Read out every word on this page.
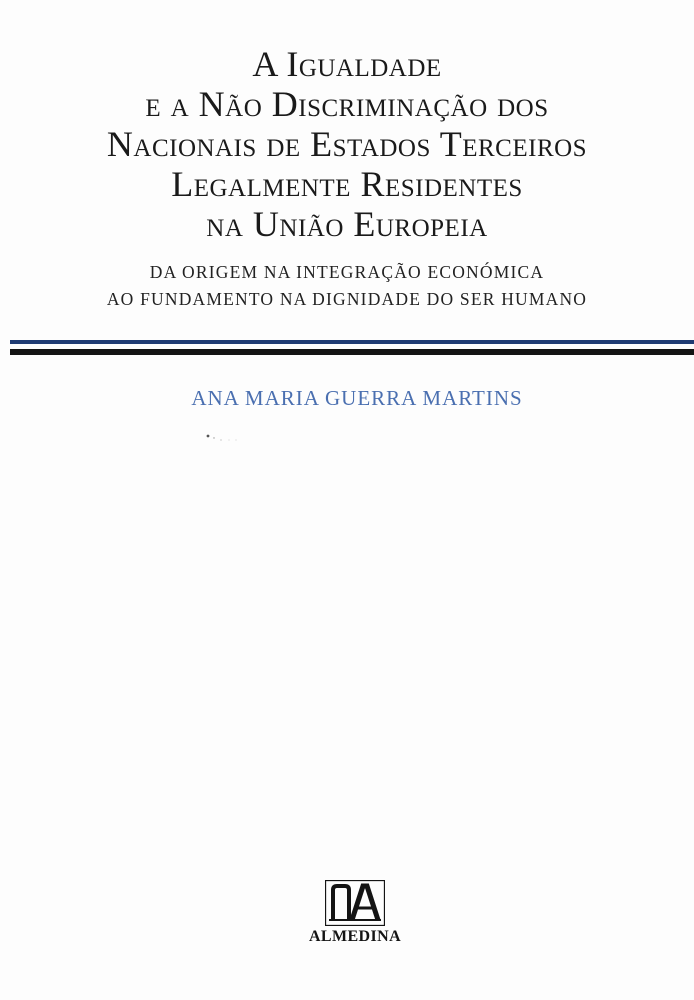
A Igualdade
e a Não Discriminação dos
Nacionais de Estados Terceiros
Legalmente Residentes
na União Europeia
DA ORIGEM NA INTEGRAÇÃO ECONÓMICA
AO FUNDAMENTO NA DIGNIDADE DO SER HUMANO
ANA MARIA GUERRA MARTINS
ALMEDINA
